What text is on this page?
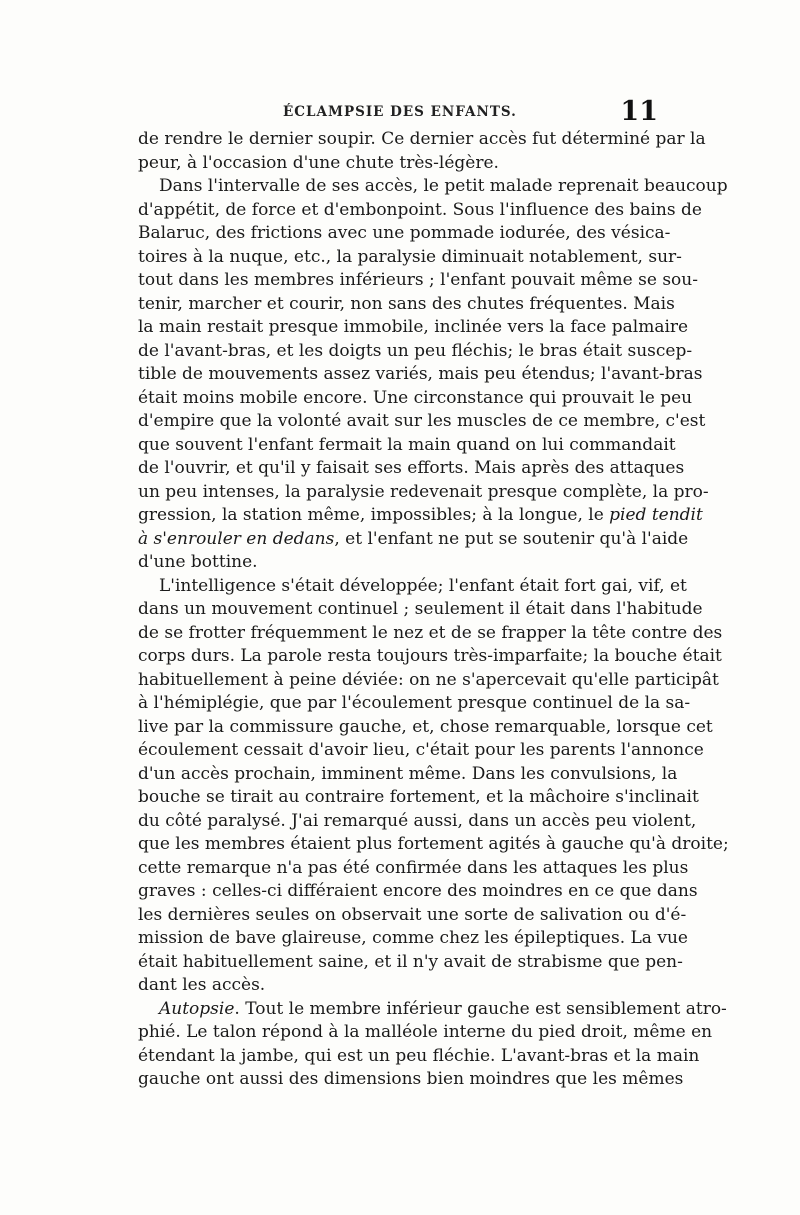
ÉCLAMPSIE DES ENFANTS.	11
de rendre le dernier soupir. Ce dernier accès fut déterminé par la
peur, à l'occasion d'une chute très-légère.
Dans l'intervalle de ses accès, le petit malade reprenait beaucoup
d'appétit, de force et d'embonpoint. Sous l'influence des bains de
Balaruc, des frictions avec une pommade iodurée, des vésica-
toires à la nuque, etc., la paralysie diminuait notablement, sur-
tout dans les membres inférieurs ; l'enfant pouvait même se sou-
tenir, marcher et courir, non sans des chutes fréquentes. Mais
la main restait presque immobile, inclinée vers la face palmaire
de l'avant-bras, et les doigts un peu fléchis; le bras était suscep-
tible de mouvements assez variés, mais peu étendus; l'avant-bras
était moins mobile encore. Une circonstance qui prouvait le peu
d'empire que la volonté avait sur les muscles de ce membre, c'est
que souvent l'enfant fermait la main quand on lui commandait
de l'ouvrir, et qu'il y faisait ses efforts. Mais après des attaques
un peu intenses, la paralysie redevenait presque complète, la pro-
gression, la station même, impossibles; à la longue, le pied tendit
à s'enrouler en dedans, et l'enfant ne put se soutenir qu'à l'aide
d'une bottine.
L'intelligence s'était développée; l'enfant était fort gai, vif, et
dans un mouvement continuel ; seulement il était dans l'habitude
de se frotter fréquemment le nez et de se frapper la tête contre des
corps durs. La parole resta toujours très-imparfaite; la bouche était
habituellement à peine déviée: on ne s'apercevait qu'elle participât
à l'hémiplégie, que par l'écoulement presque continuel de la sa-
live par la commissure gauche, et, chose remarquable, lorsque cet
écoulement cessait d'avoir lieu, c'était pour les parents l'annonce
d'un accès prochain, imminent même. Dans les convulsions, la
bouche se tirait au contraire fortement, et la mâchoire s'inclinait
du côté paralysé. J'ai remarqué aussi, dans un accès peu violent,
que les membres étaient plus fortement agités à gauche qu'à droite;
cette remarque n'a pas été confirmée dans les attaques les plus
graves : celles-ci différaient encore des moindres en ce que dans
les dernières seules on observait une sorte de salivation ou d'é-
mission de bave glaireuse, comme chez les épileptiques. La vue
était habituellement saine, et il n'y avait de strabisme que pen-
dant les accès.
Autopsie. Tout le membre inférieur gauche est sensiblement atro-
phié. Le talon répond à la malléole interne du pied droit, même en
étendant la jambe, qui est un peu fléchie. L'avant-bras et la main
gauche ont aussi des dimensions bien moindres que les mêmes
